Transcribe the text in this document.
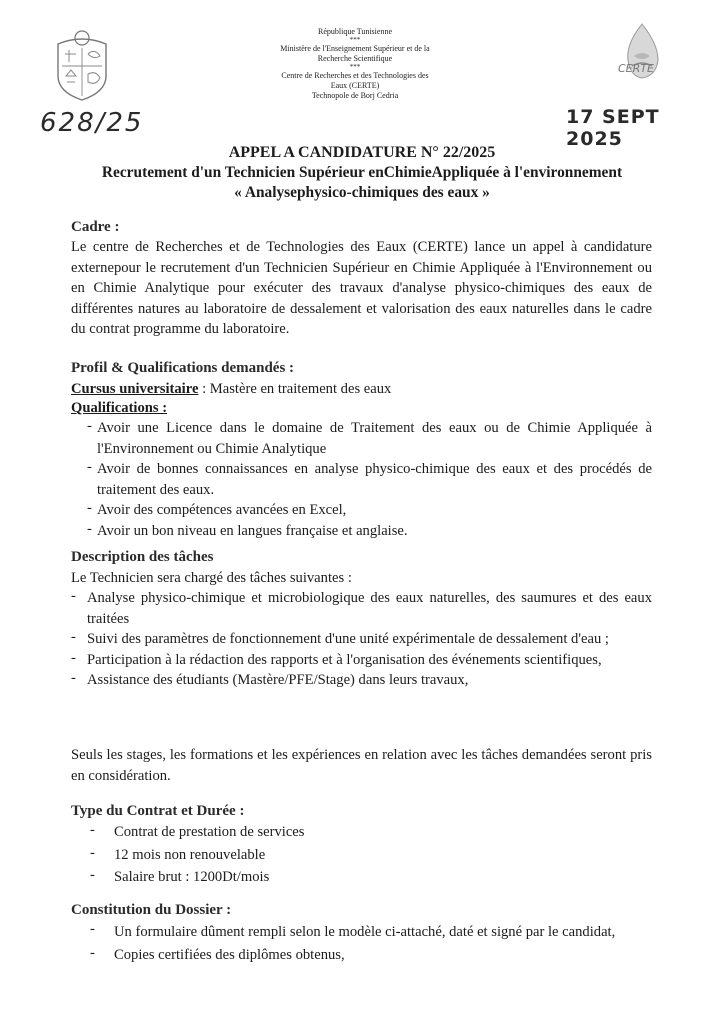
République Tunisienne
***
Ministère de l'Enseignement Supérieur et de la
Recherche Scientifique
***
Centre de Recherches et des Technologies des
Eaux (CERTE)
Technopole de Borj Cedria
CERTE
628/25	17 SEPT 2025
APPEL A CANDIDATURE N° 22/2025
Recrutement d'un Technicien Supérieur enChimieAppliquée à l'environnement
« Analysephysico-chimiques des eaux »
Cadre :
Le centre de Recherches et de Technologies des Eaux (CERTE) lance un appel à candidature externepour le recrutement d'un Technicien Supérieur en Chimie Appliquée à l'Environnement ou en Chimie Analytique pour exécuter des travaux d'analyse physico-chimiques des eaux de différentes natures au laboratoire de dessalement et valorisation des eaux naturelles dans le cadre du contrat programme du laboratoire.
Profil & Qualifications demandés :
Cursus universitaire : Mastère en traitement des eaux
Qualifications :
- Avoir une Licence dans le domaine de Traitement des eaux ou de Chimie Appliquée à l'Environnement ou Chimie Analytique
- Avoir de bonnes connaissances en analyse physico-chimique des eaux et des procédés de traitement des eaux.
- Avoir des compétences avancées en Excel,
- Avoir un bon niveau en langues française et anglaise.
Description des tâches
Le Technicien sera chargé des tâches suivantes :
- Analyse physico-chimique et microbiologique des eaux naturelles, des saumures et des eaux traitées
- Suivi des paramètres de fonctionnement d'une unité expérimentale de dessalement d'eau ;
- Participation à la rédaction des rapports et à l'organisation des événements scientifiques,
- Assistance des étudiants (Mastère/PFE/Stage) dans leurs travaux,
Seuls les stages, les formations et les expériences en relation avec les tâches demandées seront pris en considération.
Type du Contrat et Durée :
- Contrat de prestation de services
- 12 mois non renouvelable
- Salaire brut : 1200Dt/mois
Constitution du Dossier :
- Un formulaire dûment rempli selon le modèle ci-attaché, daté et signé par le candidat,
- Copies certifiées des diplômes obtenus,
